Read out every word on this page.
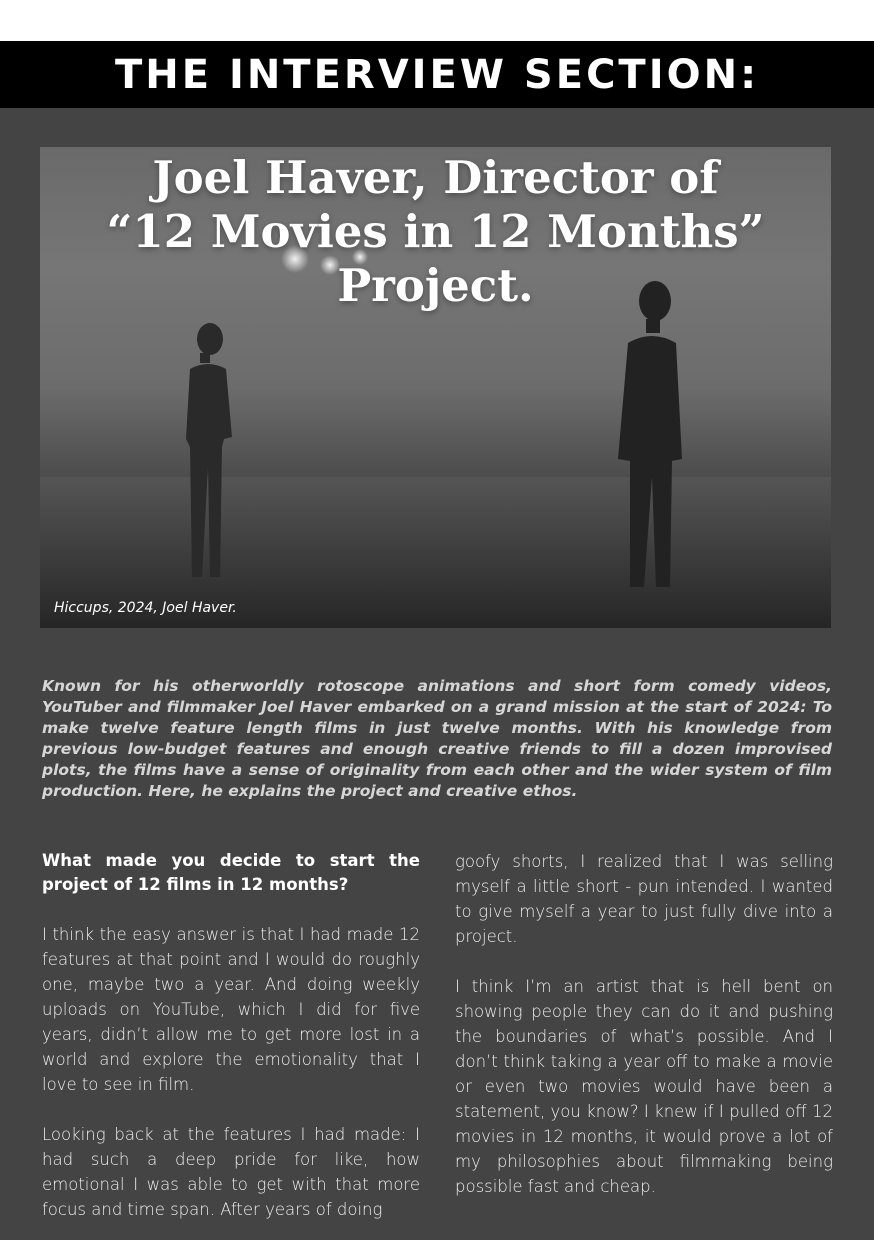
THE INTERVIEW SECTION:
Joel Haver, Director of
“12 Movies in 12 Months”
Project.
Hiccups, 2024, Joel Haver.
Known for his otherworldly rotoscope animations and short form comedy videos, YouTuber and filmmaker Joel Haver embarked on a grand mission at the start of 2024: To make twelve feature length films in just twelve months. With his knowledge from previous low-budget features and enough creative friends to fill a dozen improvised plots, the films have a sense of originality from each other and the wider system of film production. Here, he explains the project and creative ethos.

What made you decide to start the project of 12 films in 12 months?

I think the easy answer is that I had made 12 features at that point and I would do roughly one, maybe two a year. And doing weekly uploads on YouTube, which I did for five years, didn’t allow me to get more lost in a world and explore the emotionality that I love to see in film.

Looking back at the features I had made: I had such a deep pride for like, how emotional I was able to get with that more focus and time span. After years of doing

goofy shorts, I realized that I was selling myself a little short - pun intended. I wanted to give myself a year to just fully dive into a project.

I think I’m an artist that is hell bent on showing people they can do it and pushing the boundaries of what’s possible. And I don’t think taking a year off to make a movie or even two movies would have been a statement, you know? I knew if I pulled off 12 movies in 12 months, it would prove a lot of my philosophies about filmmaking being possible fast and cheap.
